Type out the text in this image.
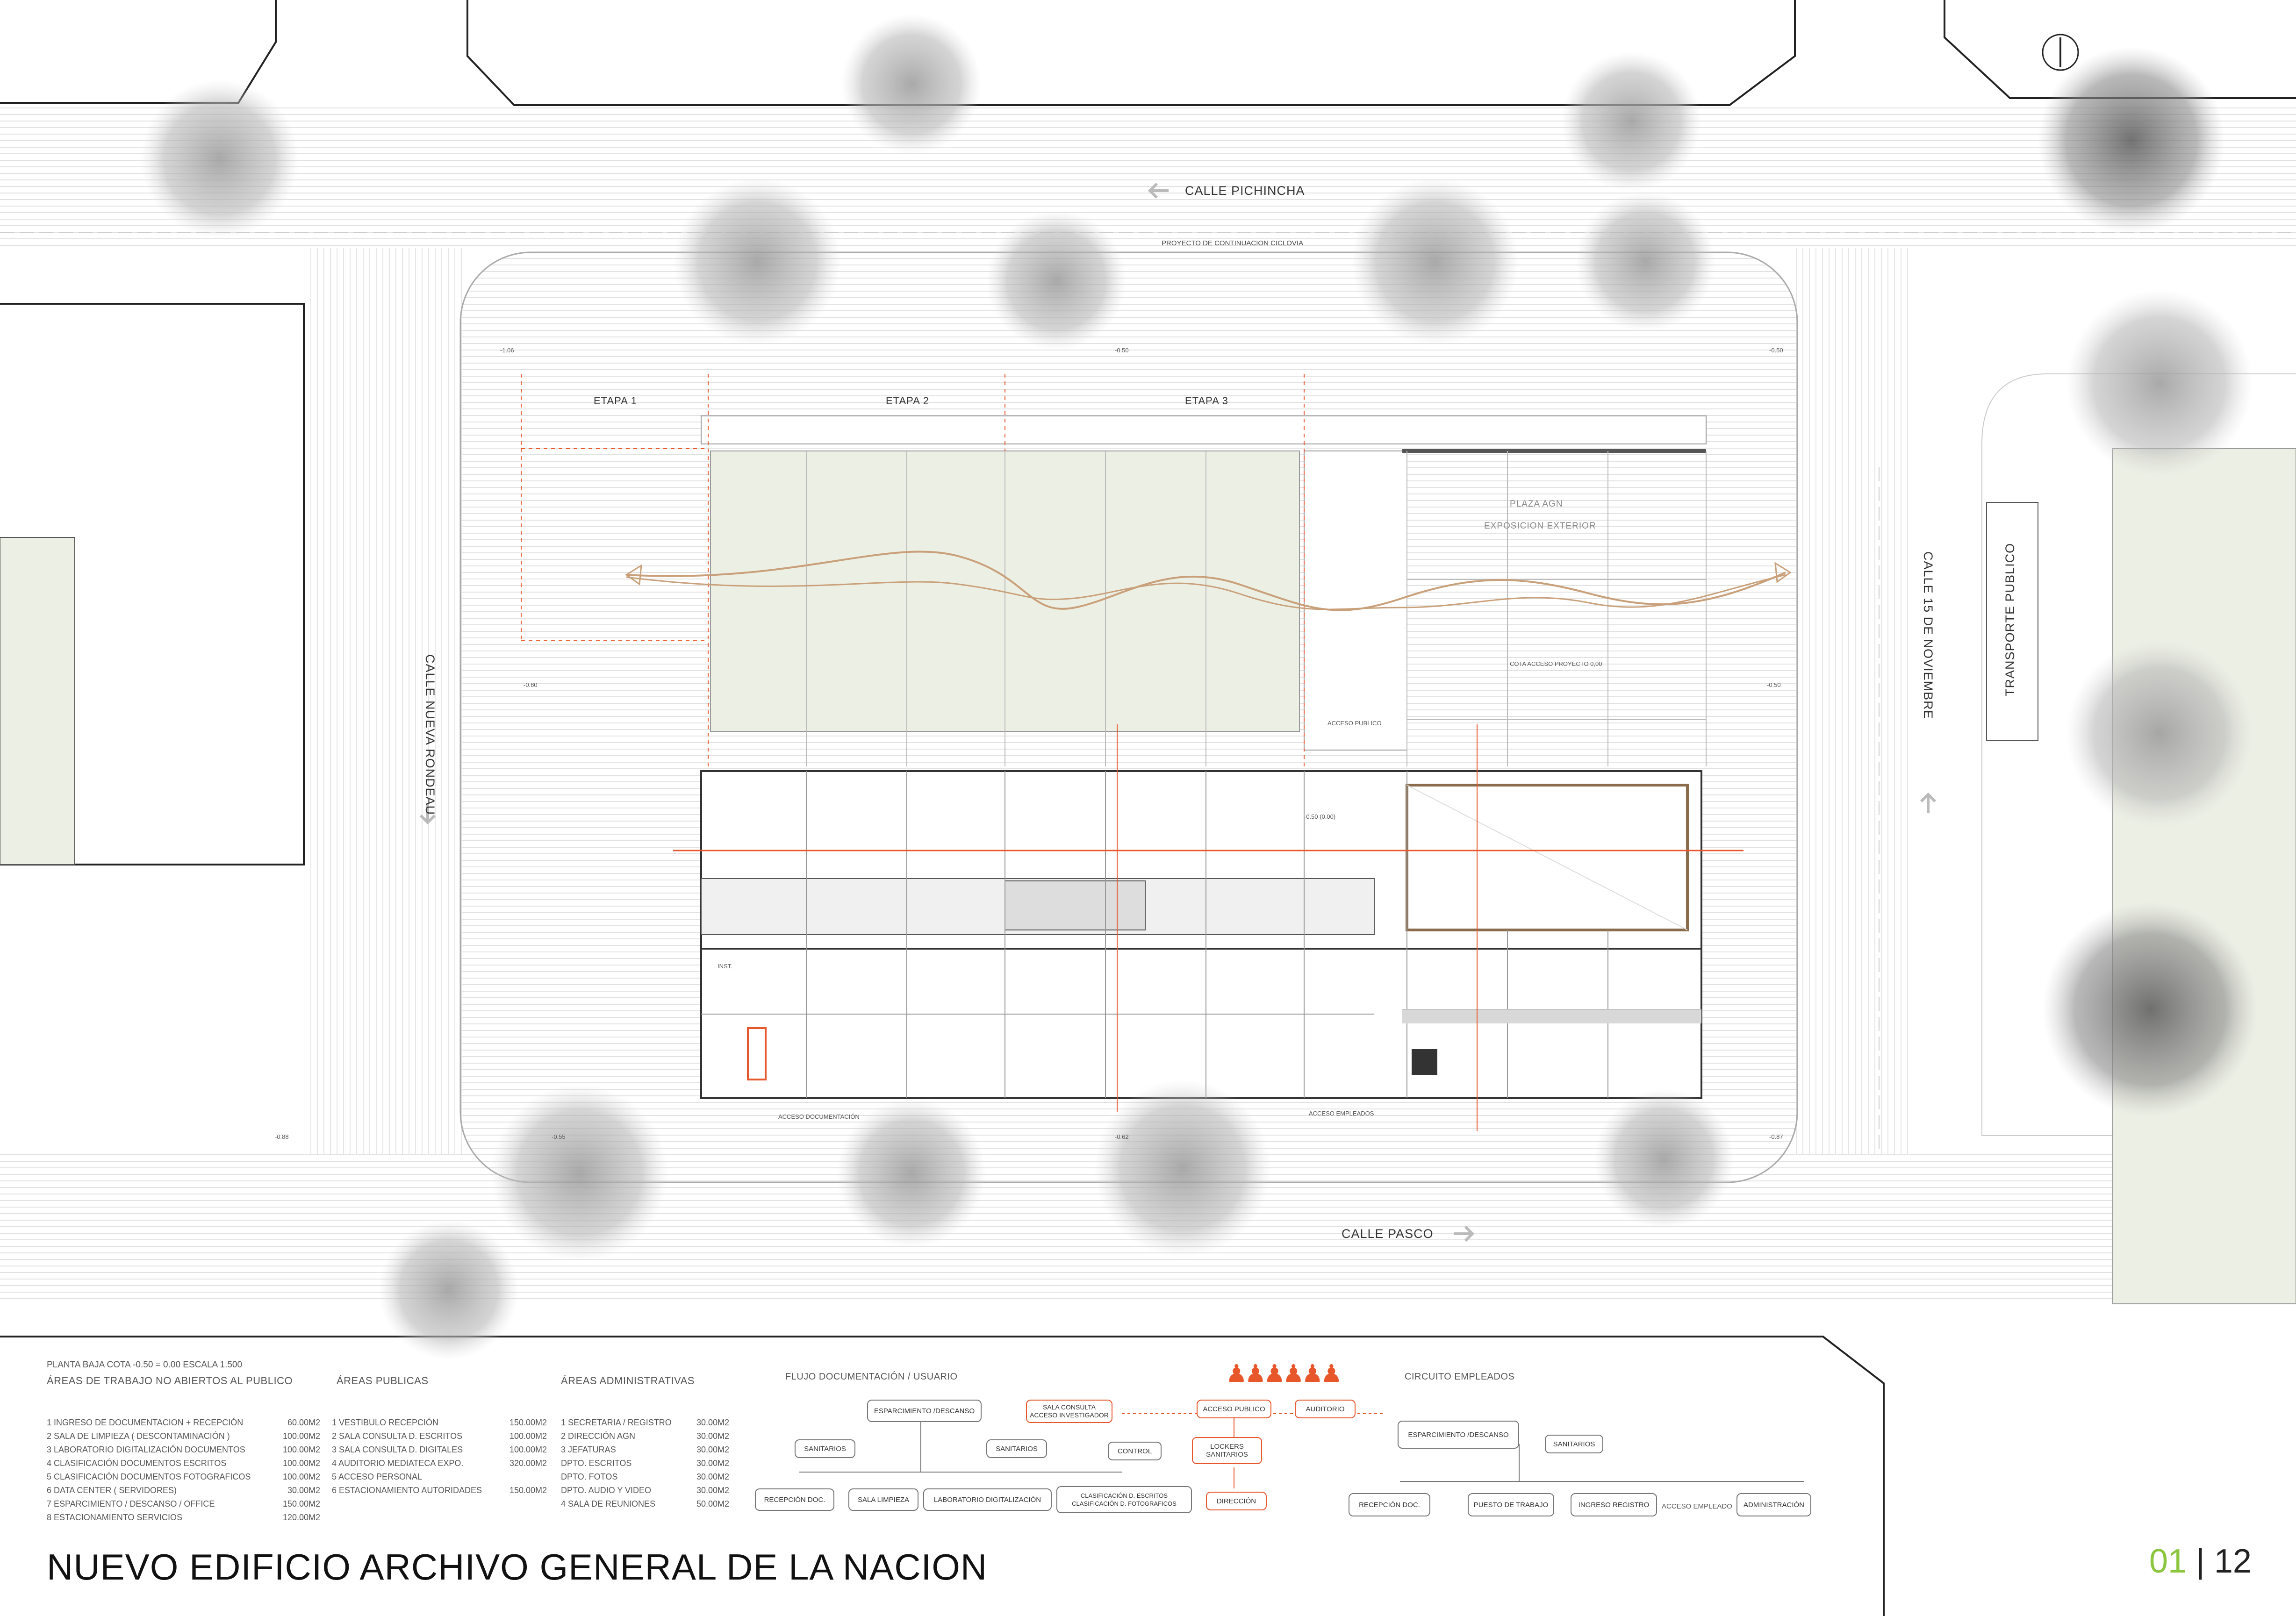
CALLE PICHINCHA
CALLE PASCO
CALLE NUEVA RONDEAU
CALLE 15 DE NOVIEMBRE	TRANSPORTE PUBLICO
PROYECTO DE CONTINUACION CICLOVIA
ETAPA 1	ETAPA 2	ETAPA 3
PLAZA AGN
EXPOSICION EXTERIOR
COTA ACCESO PROYECTO 0,00
ACCESO PUBLICO
ACCESO DOCUMENTACIÓN	ACCESO EMPLEADOS
INST.
-1.06	-0.50	-0.50
-0.80	-0.50
-0.50 (0.00)
-0.88	-0.55	-0.62	-0.87
PLANTA BAJA COTA -0.50 = 0.00 ESCALA 1.500
ÁREAS DE TRABAJO NO ABIERTOS AL PUBLICO	ÁREAS PUBLICAS	ÁREAS ADMINISTRATIVAS
1 INGRESO DE DOCUMENTACION + RECEPCIÓN	60.00M2
2 SALA DE LIMPIEZA ( DESCONTAMINACIÓN )	100.00M2
3 LABORATORIO DIGITALIZACIÓN DOCUMENTOS	100.00M2
4 CLASIFICACIÓN DOCUMENTOS ESCRITOS	100.00M2
5 CLASIFICACIÓN DOCUMENTOS FOTOGRAFICOS	100.00M2
6 DATA CENTER ( SERVIDORES)	30.00M2
7 ESPARCIMIENTO / DESCANSO / OFFICE	150.00M2
8 ESTACIONAMIENTO SERVICIOS	120.00M2
1 VESTIBULO RECEPCIÓN	150.00M2
2 SALA CONSULTA D. ESCRITOS	100.00M2
3 SALA CONSULTA D. DIGITALES	100.00M2
4 AUDITORIO MEDIATECA EXPO.	320.00M2
5 ACCESO PERSONAL
6 ESTACIONAMIENTO AUTORIDADES	150.00M2
1 SECRETARIA / REGISTRO	30.00M2
2 DIRECCIÓN AGN	30.00M2
3 JEFATURAS	30.00M2
DPTO. ESCRITOS	30.00M2
DPTO. FOTOS	30.00M2
DPTO. AUDIO Y VIDEO	30.00M2
4 SALA DE REUNIONES	50.00M2
FLUJO DOCUMENTACIÓN / USUARIO
ESPARCIMIENTO /DESCANSO
SANITARIOS	SANITARIOS
RECEPCIÓN DOC.	SALA LIMPIEZA	LABORATORIO DIGITALIZACIÓN	CLASIFICACIÓN D. ESCRITOS
CLASIFICACIÓN D. FOTOGRAFICOS
CONTROL
SALA CONSULTA
ACCESO INVESTIGADOR
ACCESO PUBLICO	AUDITORIO
LOCKERS
SANITARIOS
DIRECCIÓN
♟♟♟♟♟♟	CIRCUITO EMPLEADOS
ESPARCIMIENTO /DESCANSO
SANITARIOS
RECEPCIÓN DOC.	PUESTO DE TRABAJO	INGRESO REGISTRO	ACCESO EMPLEADO	ADMINISTRACIÓN
NUEVO EDIFICIO ARCHIVO GENERAL DE LA NACION	01 | 12
